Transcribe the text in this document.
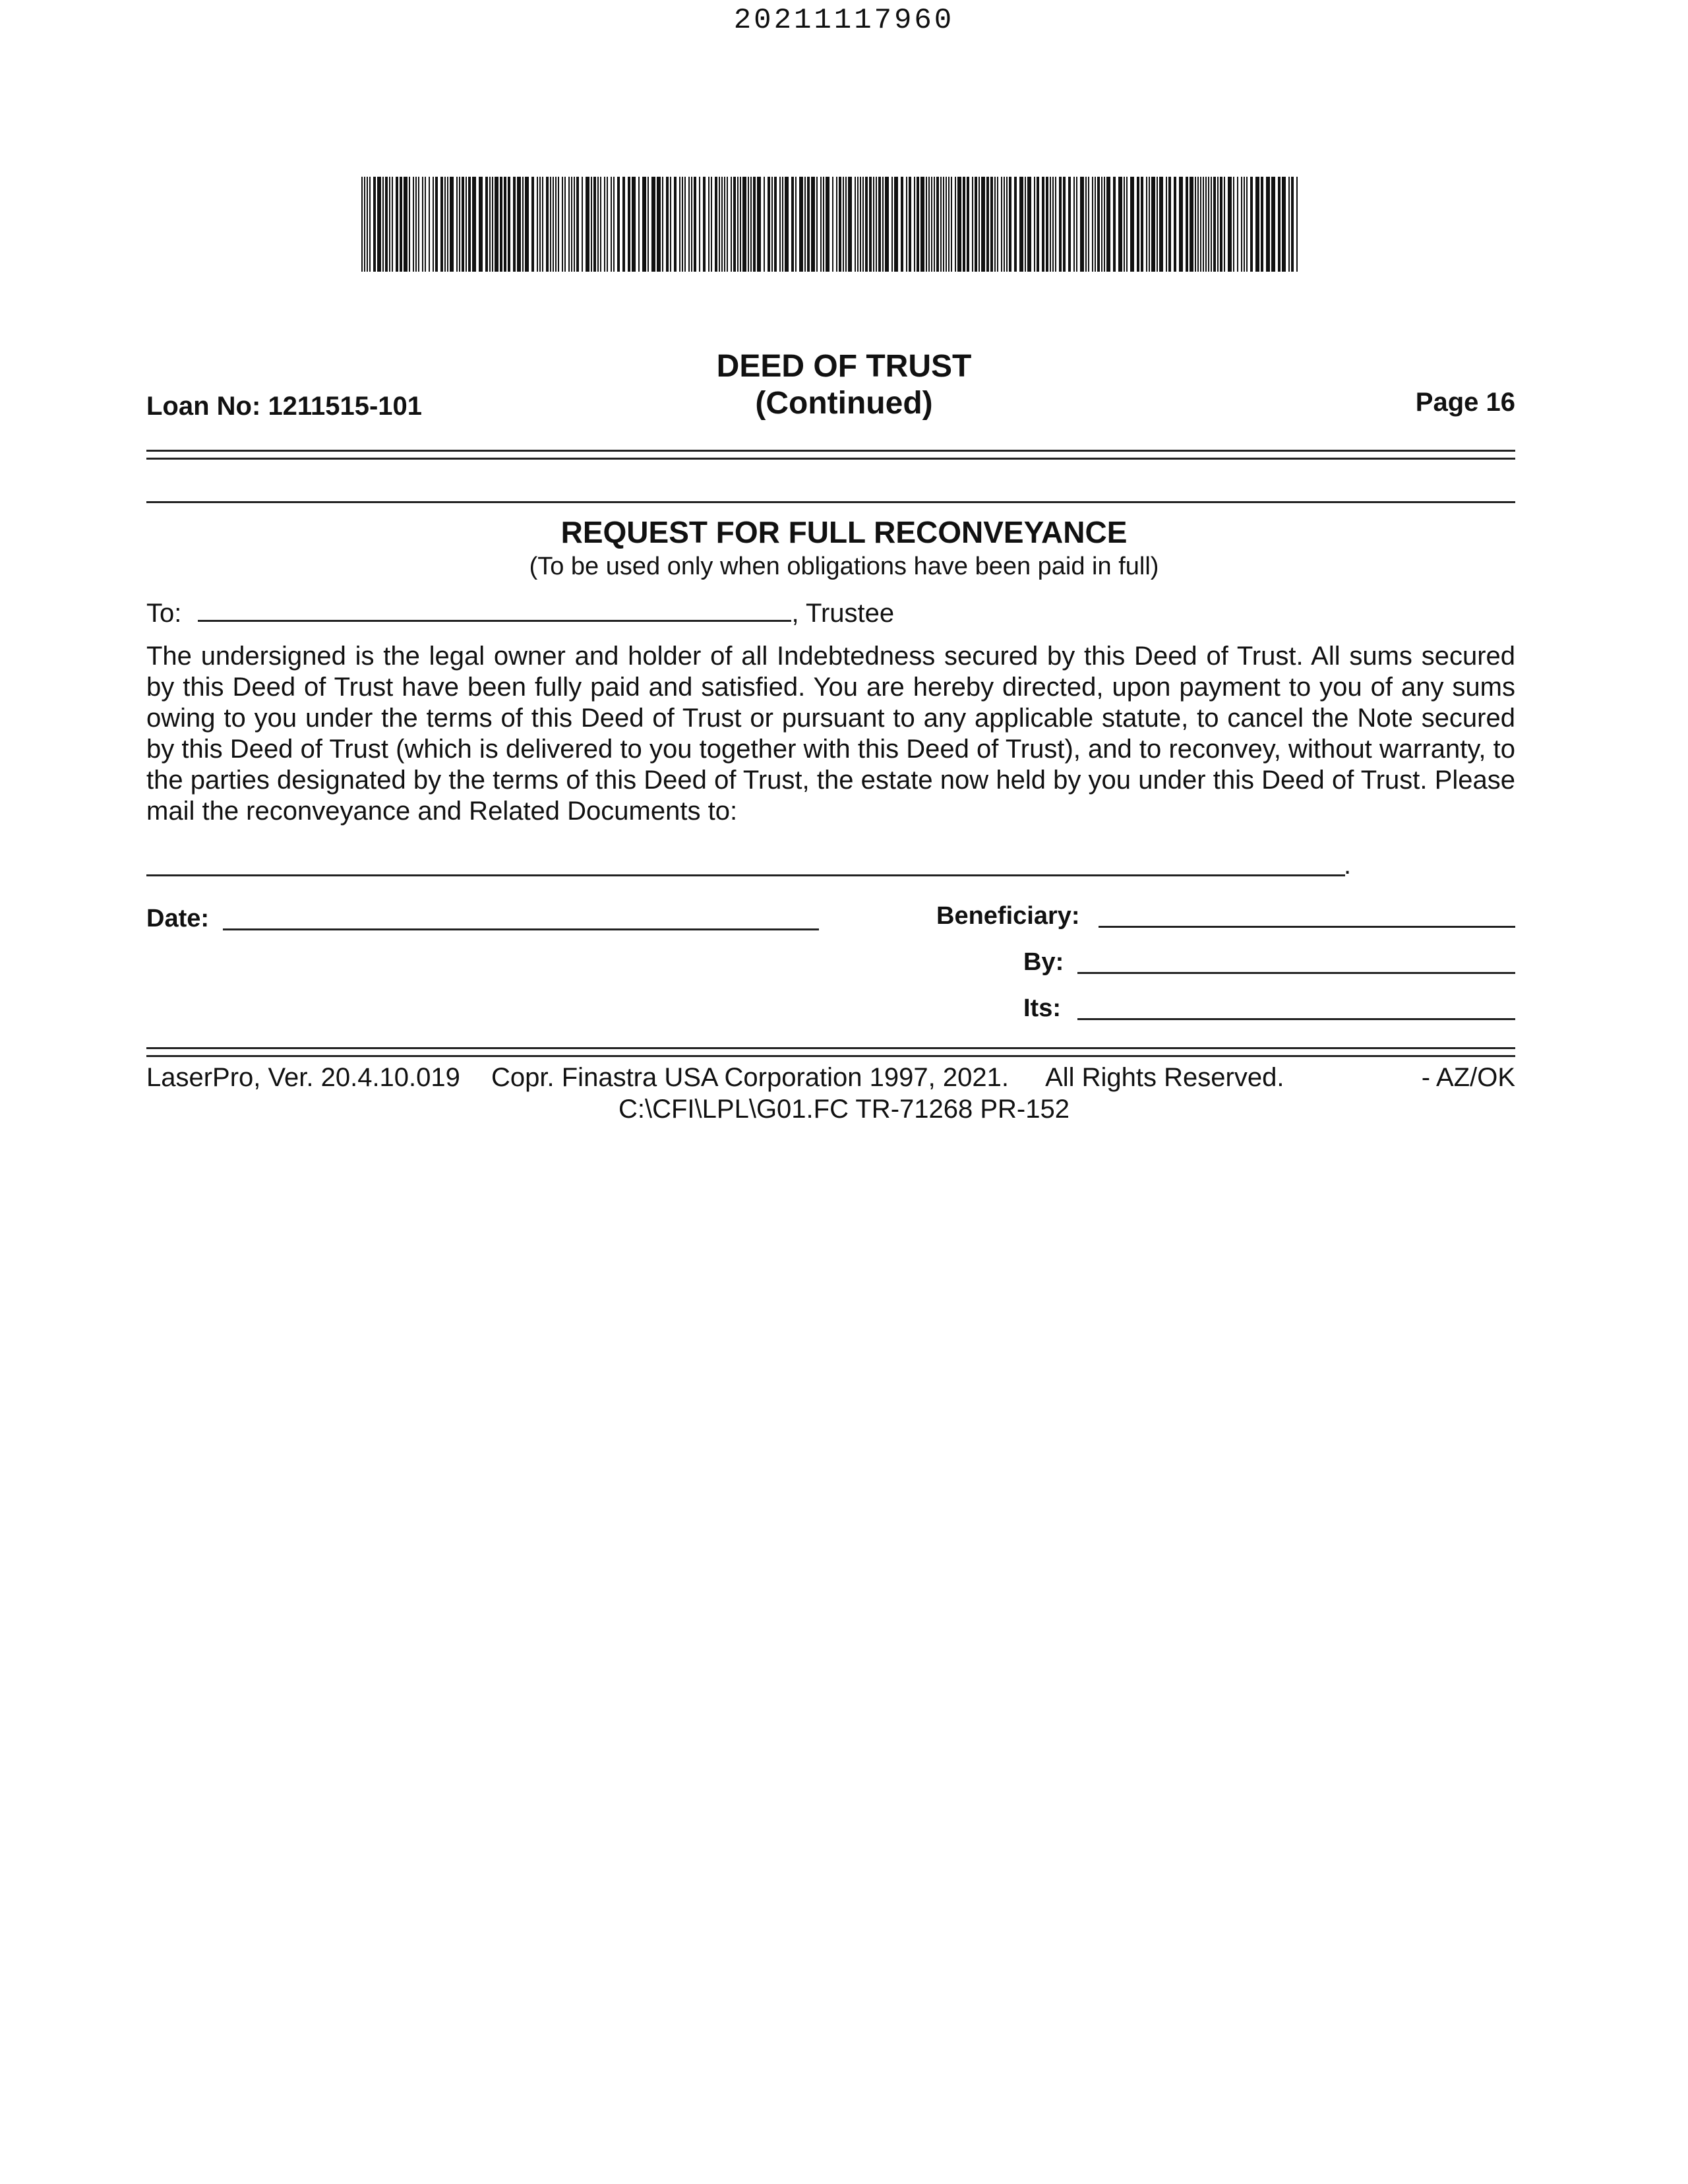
20211117960
DEED OF TRUST
(Continued)
Loan No: 1211515-101	Page 16
REQUEST FOR FULL RECONVEYANCE
(To be used only when obligations have been paid in full)
To:	, Trustee
The undersigned is the legal owner and holder of all Indebtedness secured by this Deed of Trust. All sums secured by this Deed of Trust have been fully paid and satisfied. You are hereby directed, upon payment to you of any sums owing to you under the terms of this Deed of Trust or pursuant to any applicable statute, to cancel the Note secured by this Deed of Trust (which is delivered to you together with this Deed of Trust), and to reconvey, without warranty, to the parties designated by the terms of this Deed of Trust, the estate now held by you under this Deed of Trust. Please mail the reconveyance and Related Documents to:
.
Date:	Beneficiary:
By:
Its:
LaserPro, Ver. 20.4.10.019 Copr. Finastra USA Corporation 1997, 2021. All Rights Reserved.	- AZ/OK
C:\CFI\LPL\G01.FC TR-71268 PR-152
